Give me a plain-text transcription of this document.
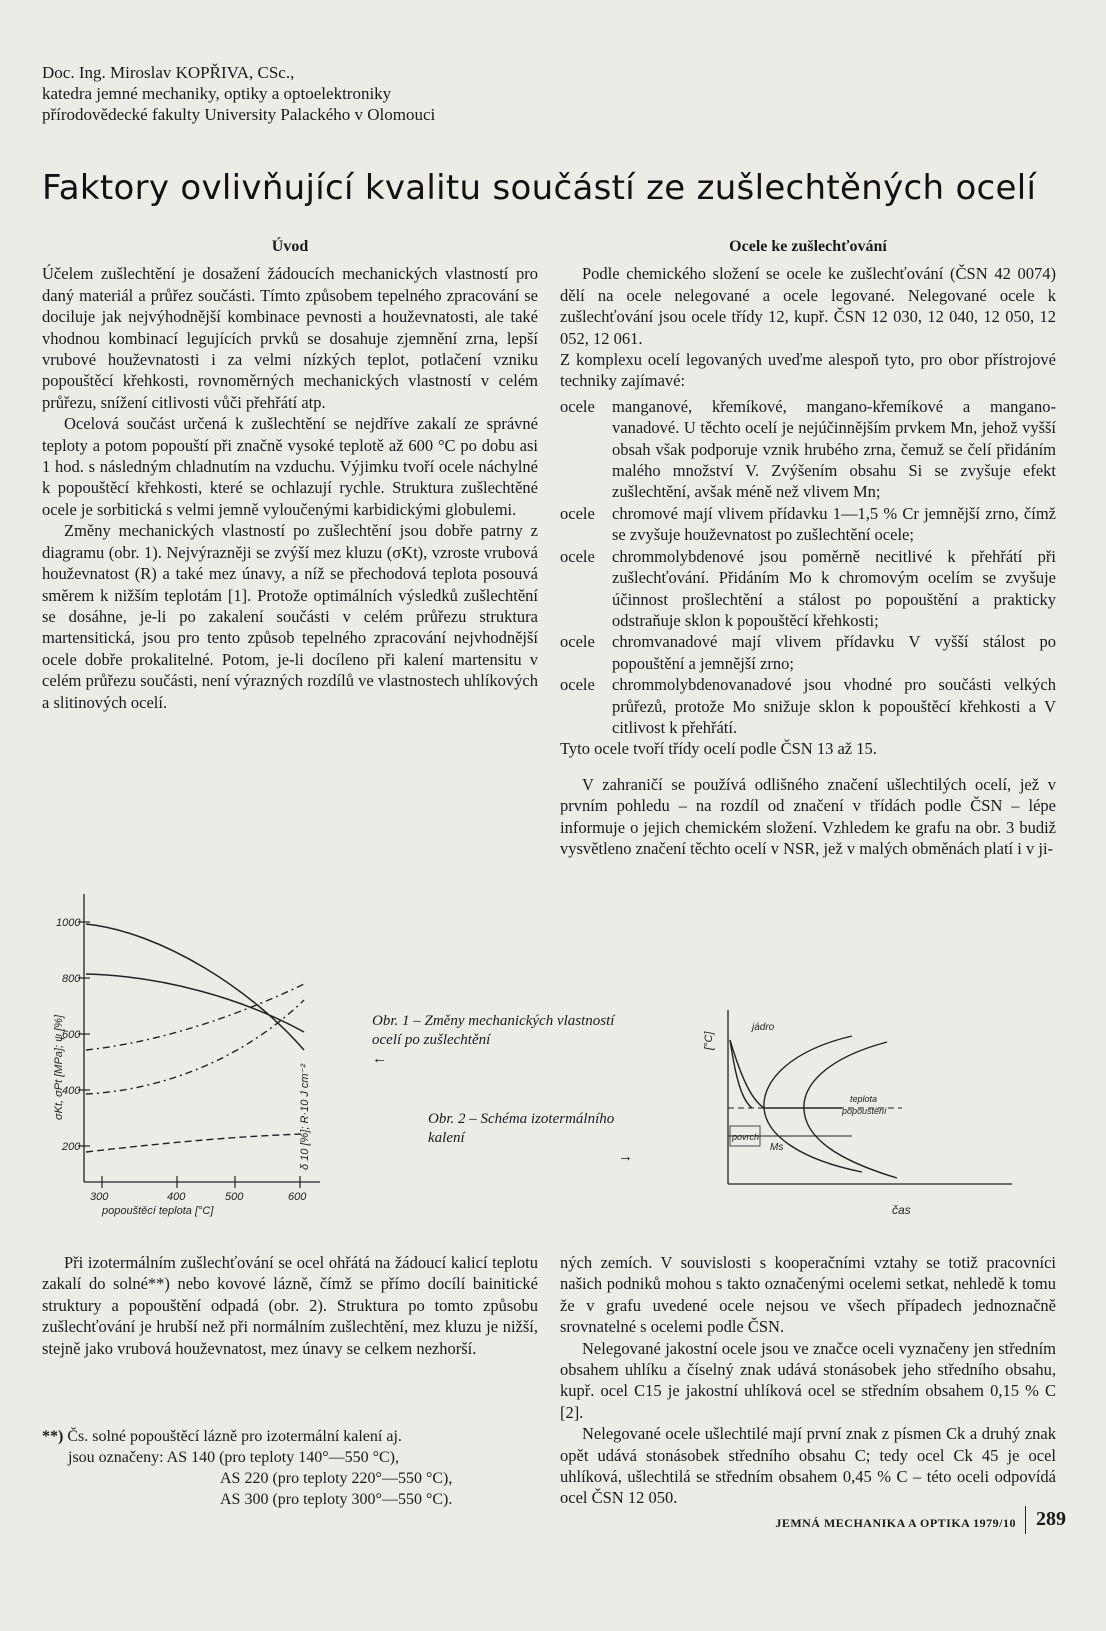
Doc. Ing. Miroslav KOPŘIVA, CSc.,
katedra jemné mechaniky, optiky a optoelektroniky
přírodovědecké fakulty University Palackého v Olomouci
Faktory ovlivňující kvalitu součástí ze zušlechtěných ocelí
Úvod

Účelem zušlechtění je dosažení žádoucích mechanických vlastností pro daný materiál a průřez součásti. Tímto způsobem tepelného zpracování se dociluje jak nejvýhodnější kombinace pevnosti a houževnatosti, ale také vhodnou kombinací legujících prvků se dosahuje zjemnění zrna, lepší vrubové houževnatosti i za velmi nízkých teplot, potlačení vzniku popouštěcí křehkosti, rovnoměrných mechanických vlastností v celém průřezu, snížení citlivosti vůči přehřátí atp.

Ocelová součást určená k zušlechtění se nejdříve zakalí ze správné teploty a potom popouští při značně vysoké teplotě až 600 °C po dobu asi 1 hod. s následným chladnutím na vzduchu. Výjimku tvoří ocele náchylné k popouštěcí křehkosti, které se ochlazují rychle. Struktura zušlechtěné ocele je sorbitická s velmi jemně vyloučenými karbidickými globulemi.

Změny mechanických vlastností po zušlechtění jsou dobře patrny z diagramu (obr. 1). Nejvýrazněji se zvýší mez kluzu (σKt), vzroste vrubová houževnatost (R) a také mez únavy, a níž se přechodová teplota posouvá směrem k nižším teplotám [1]. Protože optimálních výsledků zušlechtění se dosáhne, je-li po zakalení součásti v celém průřezu struktura martensitická, jsou pro tento způsob tepelného zpracování nejvhodnější ocele dobře prokalitelné. Potom, je-li docíleno při kalení martensitu v celém průřezu součásti, není výrazných rozdílů ve vlastnostech uhlíkových a slitinových ocelí.

Ocele ke zušlechťování

Podle chemického složení se ocele ke zušlechťování (ČSN 42 0074) dělí na ocele nelegované a ocele legované. Nelegované ocele k zušlechťování jsou ocele třídy 12, kupř. ČSN 12 030, 12 040, 12 050, 12 052, 12 061.

Z komplexu ocelí legovaných uveďme alespoň tyto, pro obor přístrojové techniky zajímavé:

ocele	manganové, křemíkové, mangano-křemíkové a mangano-vanadové. U těchto ocelí je nejúčinnějším prvkem Mn, jehož vyšší obsah však podporuje vznik hrubého zrna, čemuž se čelí přidáním malého množství V. Zvýšením obsahu Si se zvyšuje efekt zušlechtění, avšak méně než vlivem Mn;
ocele	chromové mají vlivem přídavku 1—1,5 % Cr jemnější zrno, čímž se zvyšuje houževnatost po zušlechtění ocele;
ocele	chrommolybdenové jsou poměrně necitlivé k přehřátí při zušlechťování. Přidáním Mo k chromovým ocelím se zvyšuje účinnost prošlechtění a stálost po popouštění a prakticky odstraňuje sklon k popouštěcí křehkosti;
ocele	chromvanadové mají vlivem přídavku V vyšší stálost po popouštění a jemnější zrno;
ocele	chrommolybdenovanadové jsou vhodné pro součásti velkých průřezů, protože Mo snižuje sklon k popouštěcí křehkosti a V citlivost k přehřátí.

Tyto ocele tvoří třídy ocelí podle ČSN 13 až 15.

V zahraničí se používá odlišného značení ušlechtilých ocelí, jež v prvním pohledu – na rozdíl od značení v třídách podle ČSN – lépe informuje o jejich chemickém složení. Vzhledem ke grafu na obr. 3 budiž vysvětleno značení těchto ocelí v NSR, jež v malých obměnách platí i v ji-

1000
800
600
400
200
300	400	500	600
popouštěcí teplota [°C]
σKt, σPt [MPa]; ψ [%]	δ 10 [%]; R·10 J cm⁻²
Obr. 1 – Změny mechanických vlastností ocelí po zušlechtění
←
Obr. 2 – Schéma izotermálního kalení
→
[°C]
čas
jádro
povrch
Ms
teplota
popouštění

Při izotermálním zušlechťování se ocel ohřátá na žádoucí kalicí teplotu zakalí do solné**) nebo kovové lázně, čímž se přímo docílí bainitické struktury a popouštění odpadá (obr. 2). Struktura po tomto způsobu zušlechťování je hrubší než při normálním zušlechtění, mez kluzu je nižší, stejně jako vrubová houževnatost, mez únavy se celkem nezhorší.

**) Čs. solné popouštěcí lázně pro izotermální kalení aj.
jsou označeny: AS 140 (pro teploty 140°—550 °C),
AS 220 (pro teploty 220°—550 °C),
AS 300 (pro teploty 300°—550 °C).

ných zemích. V souvislosti s kooperačními vztahy se totiž pracovníci našich podniků mohou s takto označenými ocelemi setkat, nehledě k tomu že v grafu uvedené ocele nejsou ve všech případech jednoznačně srovnatelné s ocelemi podle ČSN.

Nelegované jakostní ocele jsou ve značce oceli vyznačeny jen středním obsahem uhlíku a číselný znak udává stonásobek jeho středního obsahu, kupř. ocel C15 je jakostní uhlíková ocel se středním obsahem 0,15 % C [2].

Nelegované ocele ušlechtilé mají první znak z písmen Ck a druhý znak opět udává stonásobek středního obsahu C; tedy ocel Ck 45 je ocel uhlíková, ušlechtilá se středním obsahem 0,45 % C – této oceli odpovídá ocel ČSN 12 050.

JEMNÁ MECHANIKA A OPTIKA 1979/10 289
